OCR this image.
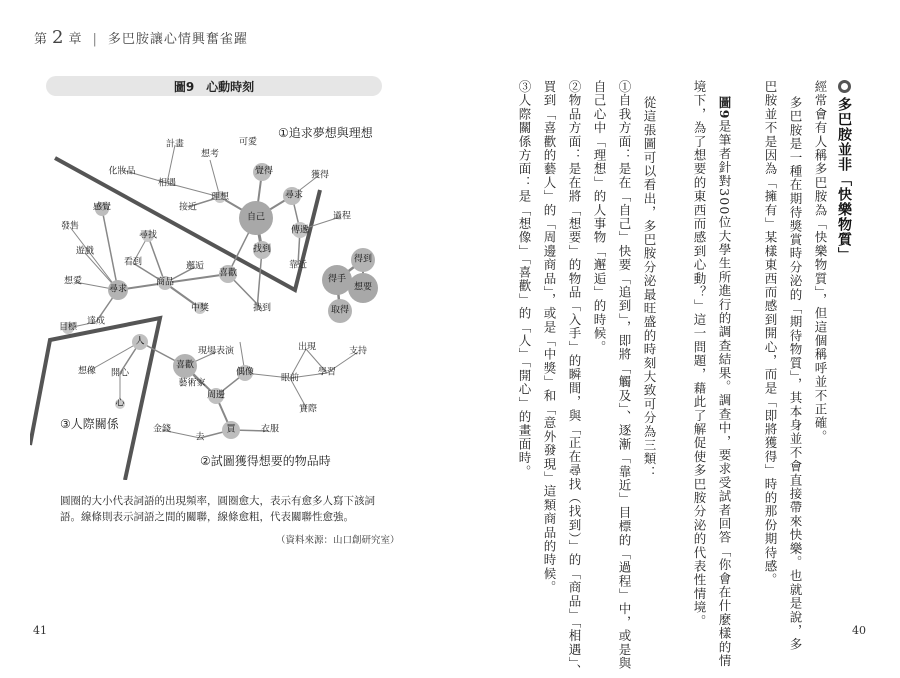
第 2 章 | 多巴胺讓心情興奮雀躍
圖9 心動時刻
①追求夢想與理想
③人際關係
②試圖獲得想要的物品時
計畫
想考
可愛
覺得
化妝品
相遇
理想	尋求
獲得
接近
自己	過程
找到
傳遞
靠近
得手
得到
想要
取得
感覺
發售
尋找
遊戲
看到	邂逅
喜歡
想愛
尋求
商品
中獎	找到
目標
達成
人
現場表演	出現	支持
喜歡
想像 開心
藝術家
偶像
眼前
學習
心
周邊
實際
金錢
去
買	衣服
圓圈的大小代表詞語的出現頻率，圓圈愈大，表示有愈多人寫下該詞語。線條則表示詞語之間的關聯，線條愈粗，代表關聯性愈強。
（資料來源：山口創研究室）
41	40
多巴胺並非「快樂物質」
經常會有人稱多巴胺為「快樂物質」，但這個稱呼並不正確。
多巴胺是一種在期待獎賞時分泌的「期待物質」，其本身並不會直接帶來快樂。也就是說，多
巴胺並不是因為「擁有」某樣東西而感到開心，而是「即將獲得」時的那份期待感。
圖9是筆者針對300位大學生所進行的調查結果。調查中，要求受試者回答「你會在什麼樣的情
境下，為了想要的東西而感到心動？」這一問題，藉此了解促使多巴胺分泌的代表性情境。
從這張圖可以看出，多巴胺分泌最旺盛的時刻大致可分為三類：
①自我方面：是在「自己」快要「追到」，即將「觸及」、逐漸「靠近」目標的「過程」中，或是與
自己心中「理想」的人事物「邂逅」的時候。
②物品方面：是在將「想要」的物品「入手」的瞬間，與「正在尋找（找到）」的「商品」「相遇」、
買到「喜歡的藝人」的「周邊商品」，或是「中獎」和「意外發現」這類商品的時候。
③人際關係方面：是「想像」「喜歡」的「人」「開心」的畫面時。
